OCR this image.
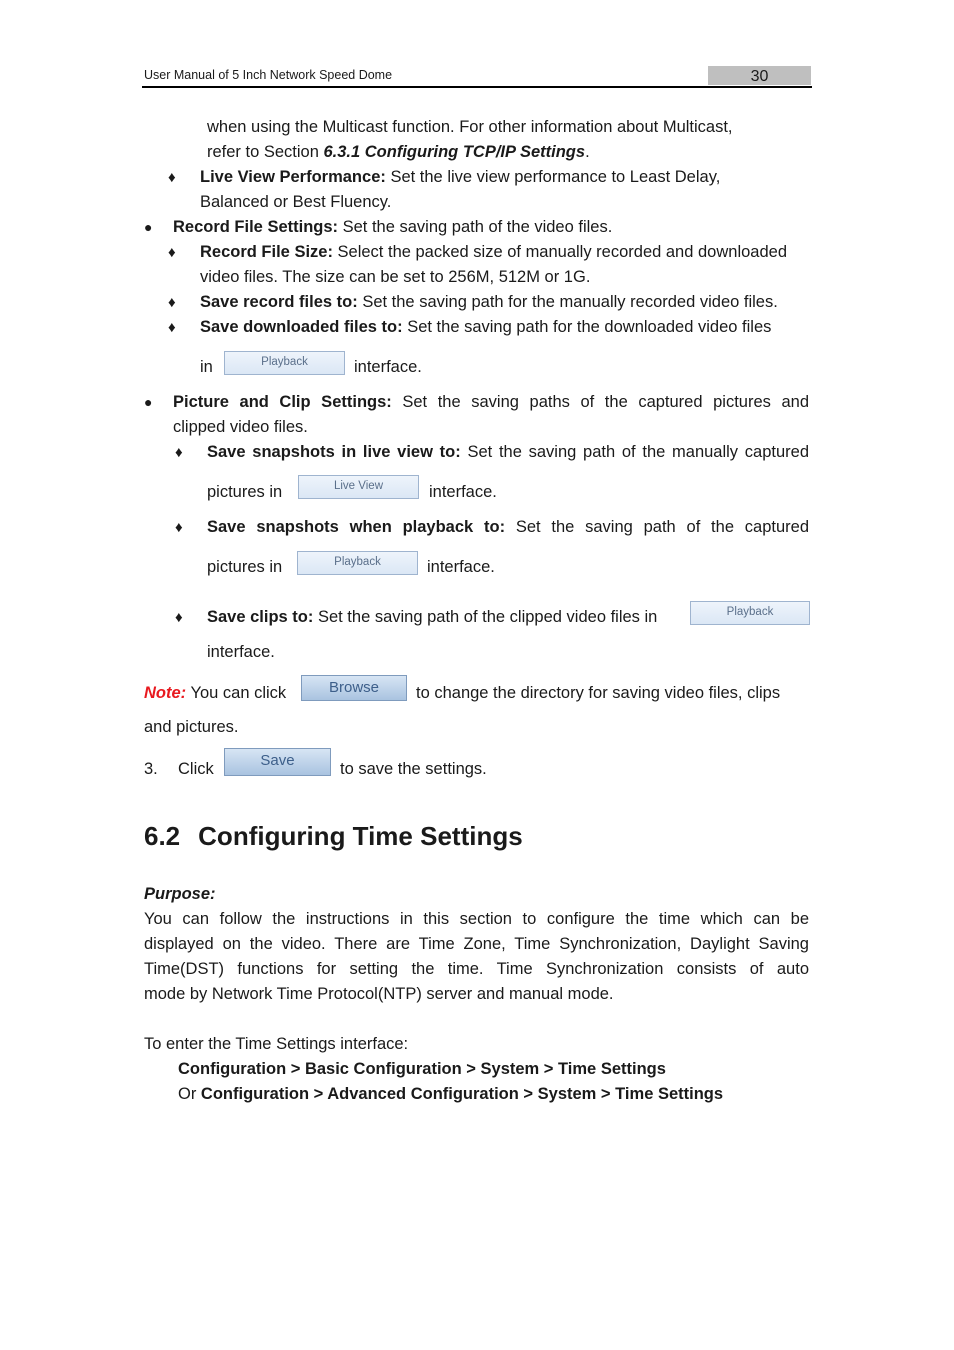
User Manual of 5 Inch Network Speed Dome	30
when using the Multicast function. For other information about Multicast,
refer to Section 6.3.1 Configuring TCP/IP Settings.
♦ Live View Performance: Set the live view performance to Least Delay,
Balanced or Best Fluency.
● Record File Settings: Set the saving path of the video files.
♦ Record File Size: Select the packed size of manually recorded and downloaded
video files. The size can be set to 256M, 512M or 1G.
♦ Save record files to: Set the saving path for the manually recorded video files.
♦ Save downloaded files to: Set the saving path for the downloaded video files
in	Playback	interface.
● Picture and Clip Settings: Set the saving paths of the captured pictures and
clipped video files.
♦ Save snapshots in live view to: Set the saving path of the manually captured
pictures in	Live View	interface.
♦ Save snapshots when playback to: Set the saving path of the captured
pictures in	Playback	interface.
♦ Save clips to: Set the saving path of the clipped video files in	Playback
interface.
Note: You can click	Browse	to change the directory for saving video files, clips
and pictures.
3. Click	Save	to save the settings.
6.2 Configuring Time Settings
Purpose:
You can follow the instructions in this section to configure the time which can be
displayed on the video. There are Time Zone, Time Synchronization, Daylight Saving
Time(DST) functions for setting the time. Time Synchronization consists of auto
mode by Network Time Protocol(NTP) server and manual mode.
To enter the Time Settings interface:
Configuration > Basic Configuration > System > Time Settings
Or Configuration > Advanced Configuration > System > Time Settings
